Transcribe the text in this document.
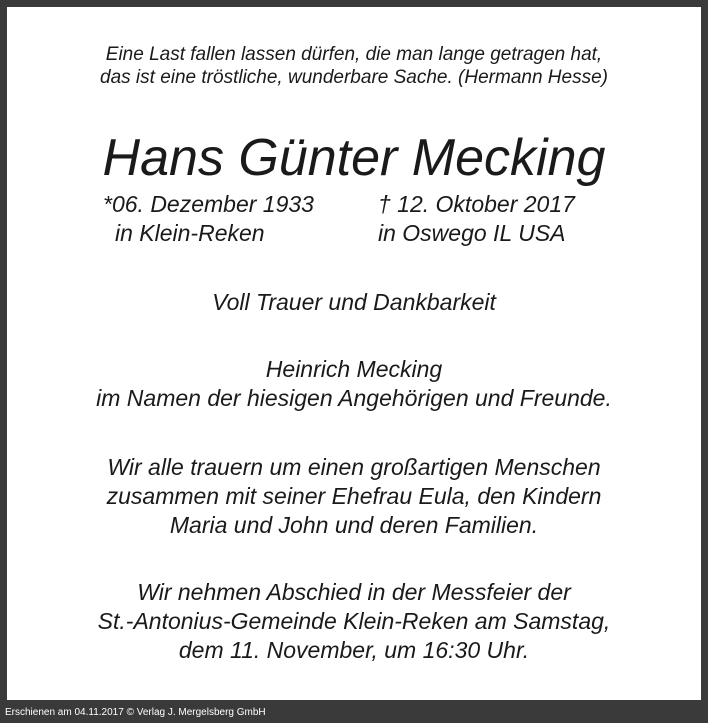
Eine Last fallen lassen dürfen, die man lange getragen hat,
das ist eine tröstliche, wunderbare Sache. (Hermann Hesse)
Hans Günter Mecking
*06. Dezember 1933
in Klein-Reken
† 12. Oktober 2017
in Oswego IL USA
Voll Trauer und Dankbarkeit
Heinrich Mecking
im Namen der hiesigen Angehörigen und Freunde.
Wir alle trauern um einen großartigen Menschen
zusammen mit seiner Ehefrau Eula, den Kindern
Maria und John und deren Familien.
Wir nehmen Abschied in der Messfeier der
St.-Antonius-Gemeinde Klein-Reken am Samstag,
dem 11. November, um 16:30 Uhr.
Erschienen am 04.11.2017 © Verlag J. Mergelsberg GmbH
